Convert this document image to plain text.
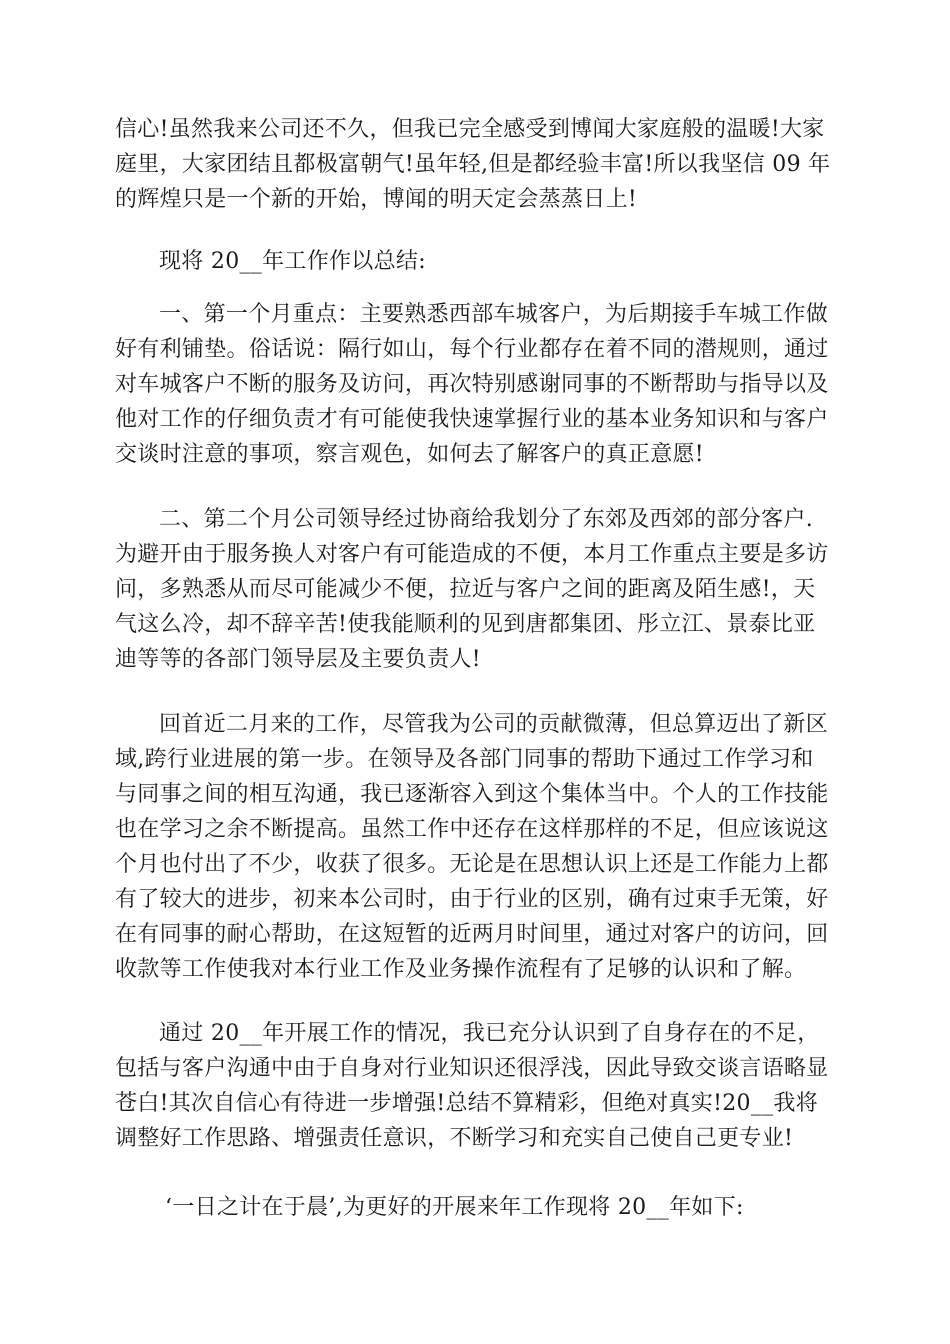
信心!虽然我来公司还不久，但我已完全感受到博闻大家庭般的温暖!大家
庭里，大家团结且都极富朝气!虽年轻,但是都经验丰富!所以我坚信 09 年
的辉煌只是一个新的开始，博闻的明天定会蒸蒸日上!
现将 20__年工作作以总结:
一、第一个月重点：主要熟悉西部车城客户，为后期接手车城工作做
好有利铺垫。俗话说：隔行如山，每个行业都存在着不同的潜规则，通过
对车城客户不断的服务及访问，再次特别感谢同事的不断帮助与指导以及
他对工作的仔细负责才有可能使我快速掌握行业的基本业务知识和与客户
交谈时注意的事项，察言观色，如何去了解客户的真正意愿!
二、第二个月公司领导经过协商给我划分了东郊及西郊的部分客户.
为避开由于服务换人对客户有可能造成的不便，本月工作重点主要是多访
问，多熟悉从而尽可能减少不便，拉近与客户之间的距离及陌生感!，天
气这么冷，却不辞辛苦!使我能顺利的见到唐都集团、彤立江、景泰比亚
迪等等的各部门领导层及主要负责人!
回首近二月来的工作，尽管我为公司的贡献微薄，但总算迈出了新区
域,跨行业进展的第一步。在领导及各部门同事的帮助下通过工作学习和
与同事之间的相互沟通，我已逐渐容入到这个集体当中。个人的工作技能
也在学习之余不断提高。虽然工作中还存在这样那样的不足，但应该说这
个月也付出了不少，收获了很多。无论是在思想认识上还是工作能力上都
有了较大的进步，初来本公司时，由于行业的区别，确有过束手无策，好
在有同事的耐心帮助，在这短暂的近两月时间里，通过对客户的访问，回
收款等工作使我对本行业工作及业务操作流程有了足够的认识和了解。
通过 20__年开展工作的情况，我已充分认识到了自身存在的不足，
包括与客户沟通中由于自身对行业知识还很浮浅，因此导致交谈言语略显
苍白!其次自信心有待进一步增强!总结不算精彩，但绝对真实!20__我将
调整好工作思路、增强责任意识，不断学习和充实自己使自己更专业!
‘一日之计在于晨’,为更好的开展来年工作现将 20__年如下:
